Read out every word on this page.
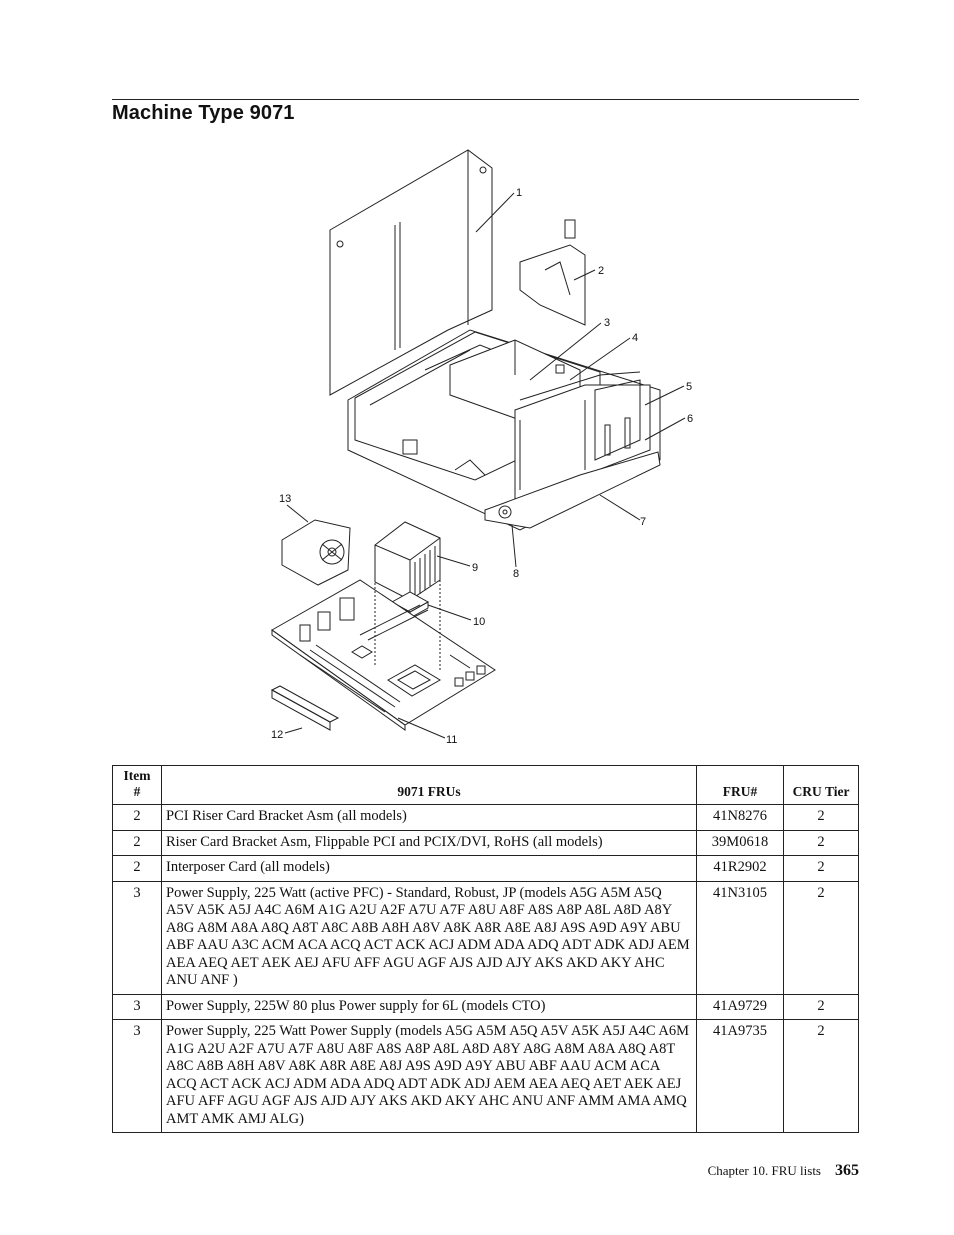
Machine Type 9071
1
2
3
4
5
6
7
8
9
10
11
12
13
Item
#	9071 FRUs	FRU#	CRU Tier
2	PCI Riser Card Bracket Asm (all models)	41N8276	2
2	Riser Card Bracket Asm, Flippable PCI and PCIX/DVI, RoHS (all models)	39M0618	2
2	Interposer Card (all models)	41R2902	2
3	Power Supply, 225 Watt (active PFC) - Standard, Robust, JP (models A5G A5M A5Q A5V A5K A5J A4C A6M A1G A2U A2F A7U A7F A8U A8F A8S A8P A8L A8D A8Y A8G A8M A8A A8Q A8T A8C A8B A8H A8V A8K A8R A8E A8J A9S A9D A9Y ABU ABF AAU A3C ACM ACA ACQ ACT ACK ACJ ADM ADA ADQ ADT ADK ADJ AEM AEA AEQ AET AEK AEJ AFU AFF AGU AGF AJS AJD AJY AKS AKD AKY AHC ANU ANF )	41N3105	2
3	Power Supply, 225W 80 plus Power supply for 6L (models CTO)	41A9729	2
3	Power Supply, 225 Watt Power Supply (models A5G A5M A5Q A5V A5K A5J A4C A6M A1G A2U A2F A7U A7F A8U A8F A8S A8P A8L A8D A8Y A8G A8M A8A A8Q A8T A8C A8B A8H A8V A8K A8R A8E A8J A9S A9D A9Y ABU ABF AAU ACM ACA ACQ ACT ACK ACJ ADM ADA ADQ ADT ADK ADJ AEM AEA AEQ AET AEK AEJ AFU AFF AGU AGF AJS AJD AJY AKS AKD AKY AHC ANU ANF AMM AMA AMQ AMT AMK AMJ ALG)	41A9735	2
Chapter 10. FRU lists 365
